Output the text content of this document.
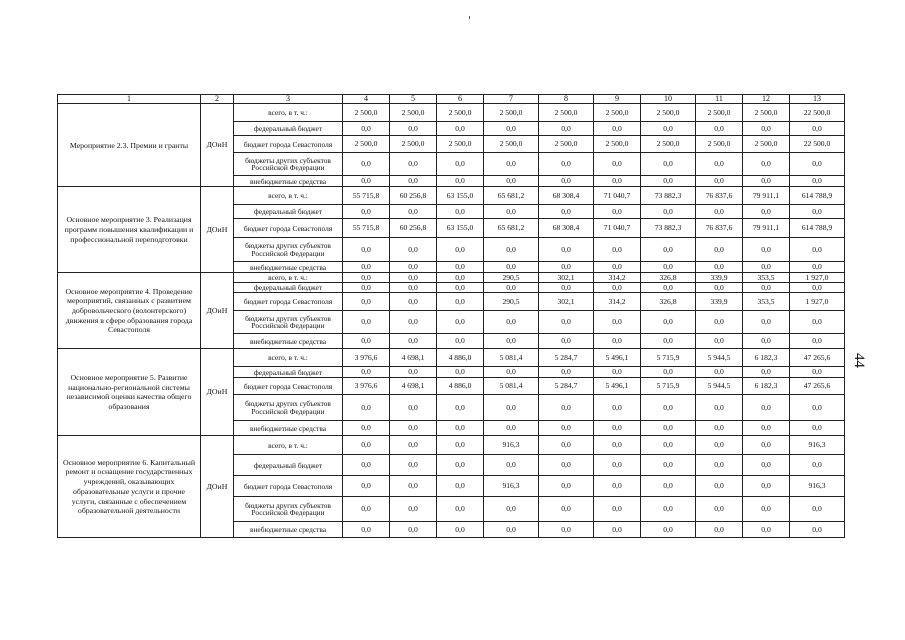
1	2	3	4	5	6	7	8	9	10	11	12	13
Мероприятие 2.3. Премии и гранты	ДОиН	всего, в т. ч.:	2 500,0	2 500,0	2 500,0	2 500,0	2 500,0	2 500,0	2 500,0	2 500,0	2 500,0	22 500,0
		федеральный бюджет	0,0	0,0	0,0	0,0	0,0	0,0	0,0	0,0	0,0	0,0
		бюджет города Севастополя	2 500,0	2 500,0	2 500,0	2 500,0	2 500,0	2 500,0	2 500,0	2 500,0	2 500,0	22 500,0
		бюджеты других субъектов Российской Федерации	0,0	0,0	0,0	0,0	0,0	0,0	0,0	0,0	0,0	0,0
		внебюджетные средства	0,0	0,0	0,0	0,0	0,0	0,0	0,0	0,0	0,0	0,0
Основное мероприятие 3. Реализация программ повышения квалификации и профессиональной переподготовки	ДОиН	всего, в т. ч.:	55 715,8	60 256,8	63 155,0	65 681,2	68 308,4	71 040,7	73 882,3	76 837,6	79 911,1	614 788,9
		федеральный бюджет	0,0	0,0	0,0	0,0	0,0	0,0	0,0	0,0	0,0	0,0
		бюджет города Севастополя	55 715,8	60 256,8	63 155,0	65 681,2	68 308,4	71 040,7	73 882,3	76 837,6	79 911,1	614 788,9
		бюджеты других субъектов Российской Федерации	0,0	0,0	0,0	0,0	0,0	0,0	0,0	0,0	0,0	0,0
		внебюджетные средства	0,0	0,0	0,0	0,0	0,0	0,0	0,0	0,0	0,0	0,0
Основное мероприятие 4. Проведение мероприятий, связанных с развитием добровольческого (волонтерского) движения в сфере образования города Севастополя	ДОиН	всего, в т. ч.:	0,0	0,0	0,0	290,5	302,1	314,2	326,8	339,9	353,5	1 927,0
		федеральный бюджет	0,0	0,0	0,0	0,0	0,0	0,0	0,0	0,0	0,0	0,0
		бюджет города Севастополя	0,0	0,0	0,0	290,5	302,1	314,2	326,8	339,9	353,5	1 927,0
		бюджеты других субъектов Российской Федерации	0,0	0,0	0,0	0,0	0,0	0,0	0,0	0,0	0,0	0,0
		внебюджетные средства	0,0	0,0	0,0	0,0	0,0	0,0	0,0	0,0	0,0	0,0
Основное мероприятие 5. Развитие национально-региональной системы независимой оценки качества общего образования	ДОиН	всего, в т. ч.:	3 976,6	4 698,1	4 886,0	5 081,4	5 284,7	5 496,1	5 715,9	5 944,5	6 182,3	47 265,6
		федеральный бюджет	0,0	0,0	0,0	0,0	0,0	0,0	0,0	0,0	0,0	0,0
		бюджет города Севастополя	3 976,6	4 698,1	4 886,0	5 081,4	5 284,7	5 496,1	5 715,9	5 944,5	6 182,3	47 265,6
		бюджеты других субъектов Российской Федерации	0,0	0,0	0,0	0,0	0,0	0,0	0,0	0,0	0,0	0,0
		внебюджетные средства	0,0	0,0	0,0	0,0	0,0	0,0	0,0	0,0	0,0	0,0
Основное мероприятие 6. Капитальный ремонт и оснащение государственных учреждений, оказывающих образовательные услуги и прочие услуги, связанные с обеспечением образовательной деятельности	ДОиН	всего, в т. ч.:	0,0	0,0	0,0	916,3	0,0	0,0	0,0	0,0	0,0	916,3
		федеральный бюджет	0,0	0,0	0,0	0,0	0,0	0,0	0,0	0,0	0,0	0,0
		бюджет города Севастополя	0,0	0,0	0,0	916,3	0,0	0,0	0,0	0,0	0,0	916,3
		бюджеты других субъектов Российской Федерации	0,0	0,0	0,0	0,0	0,0	0,0	0,0	0,0	0,0	0,0
		внебюджетные средства	0,0	0,0	0,0	0,0	0,0	0,0	0,0	0,0	0,0	0,0
44
